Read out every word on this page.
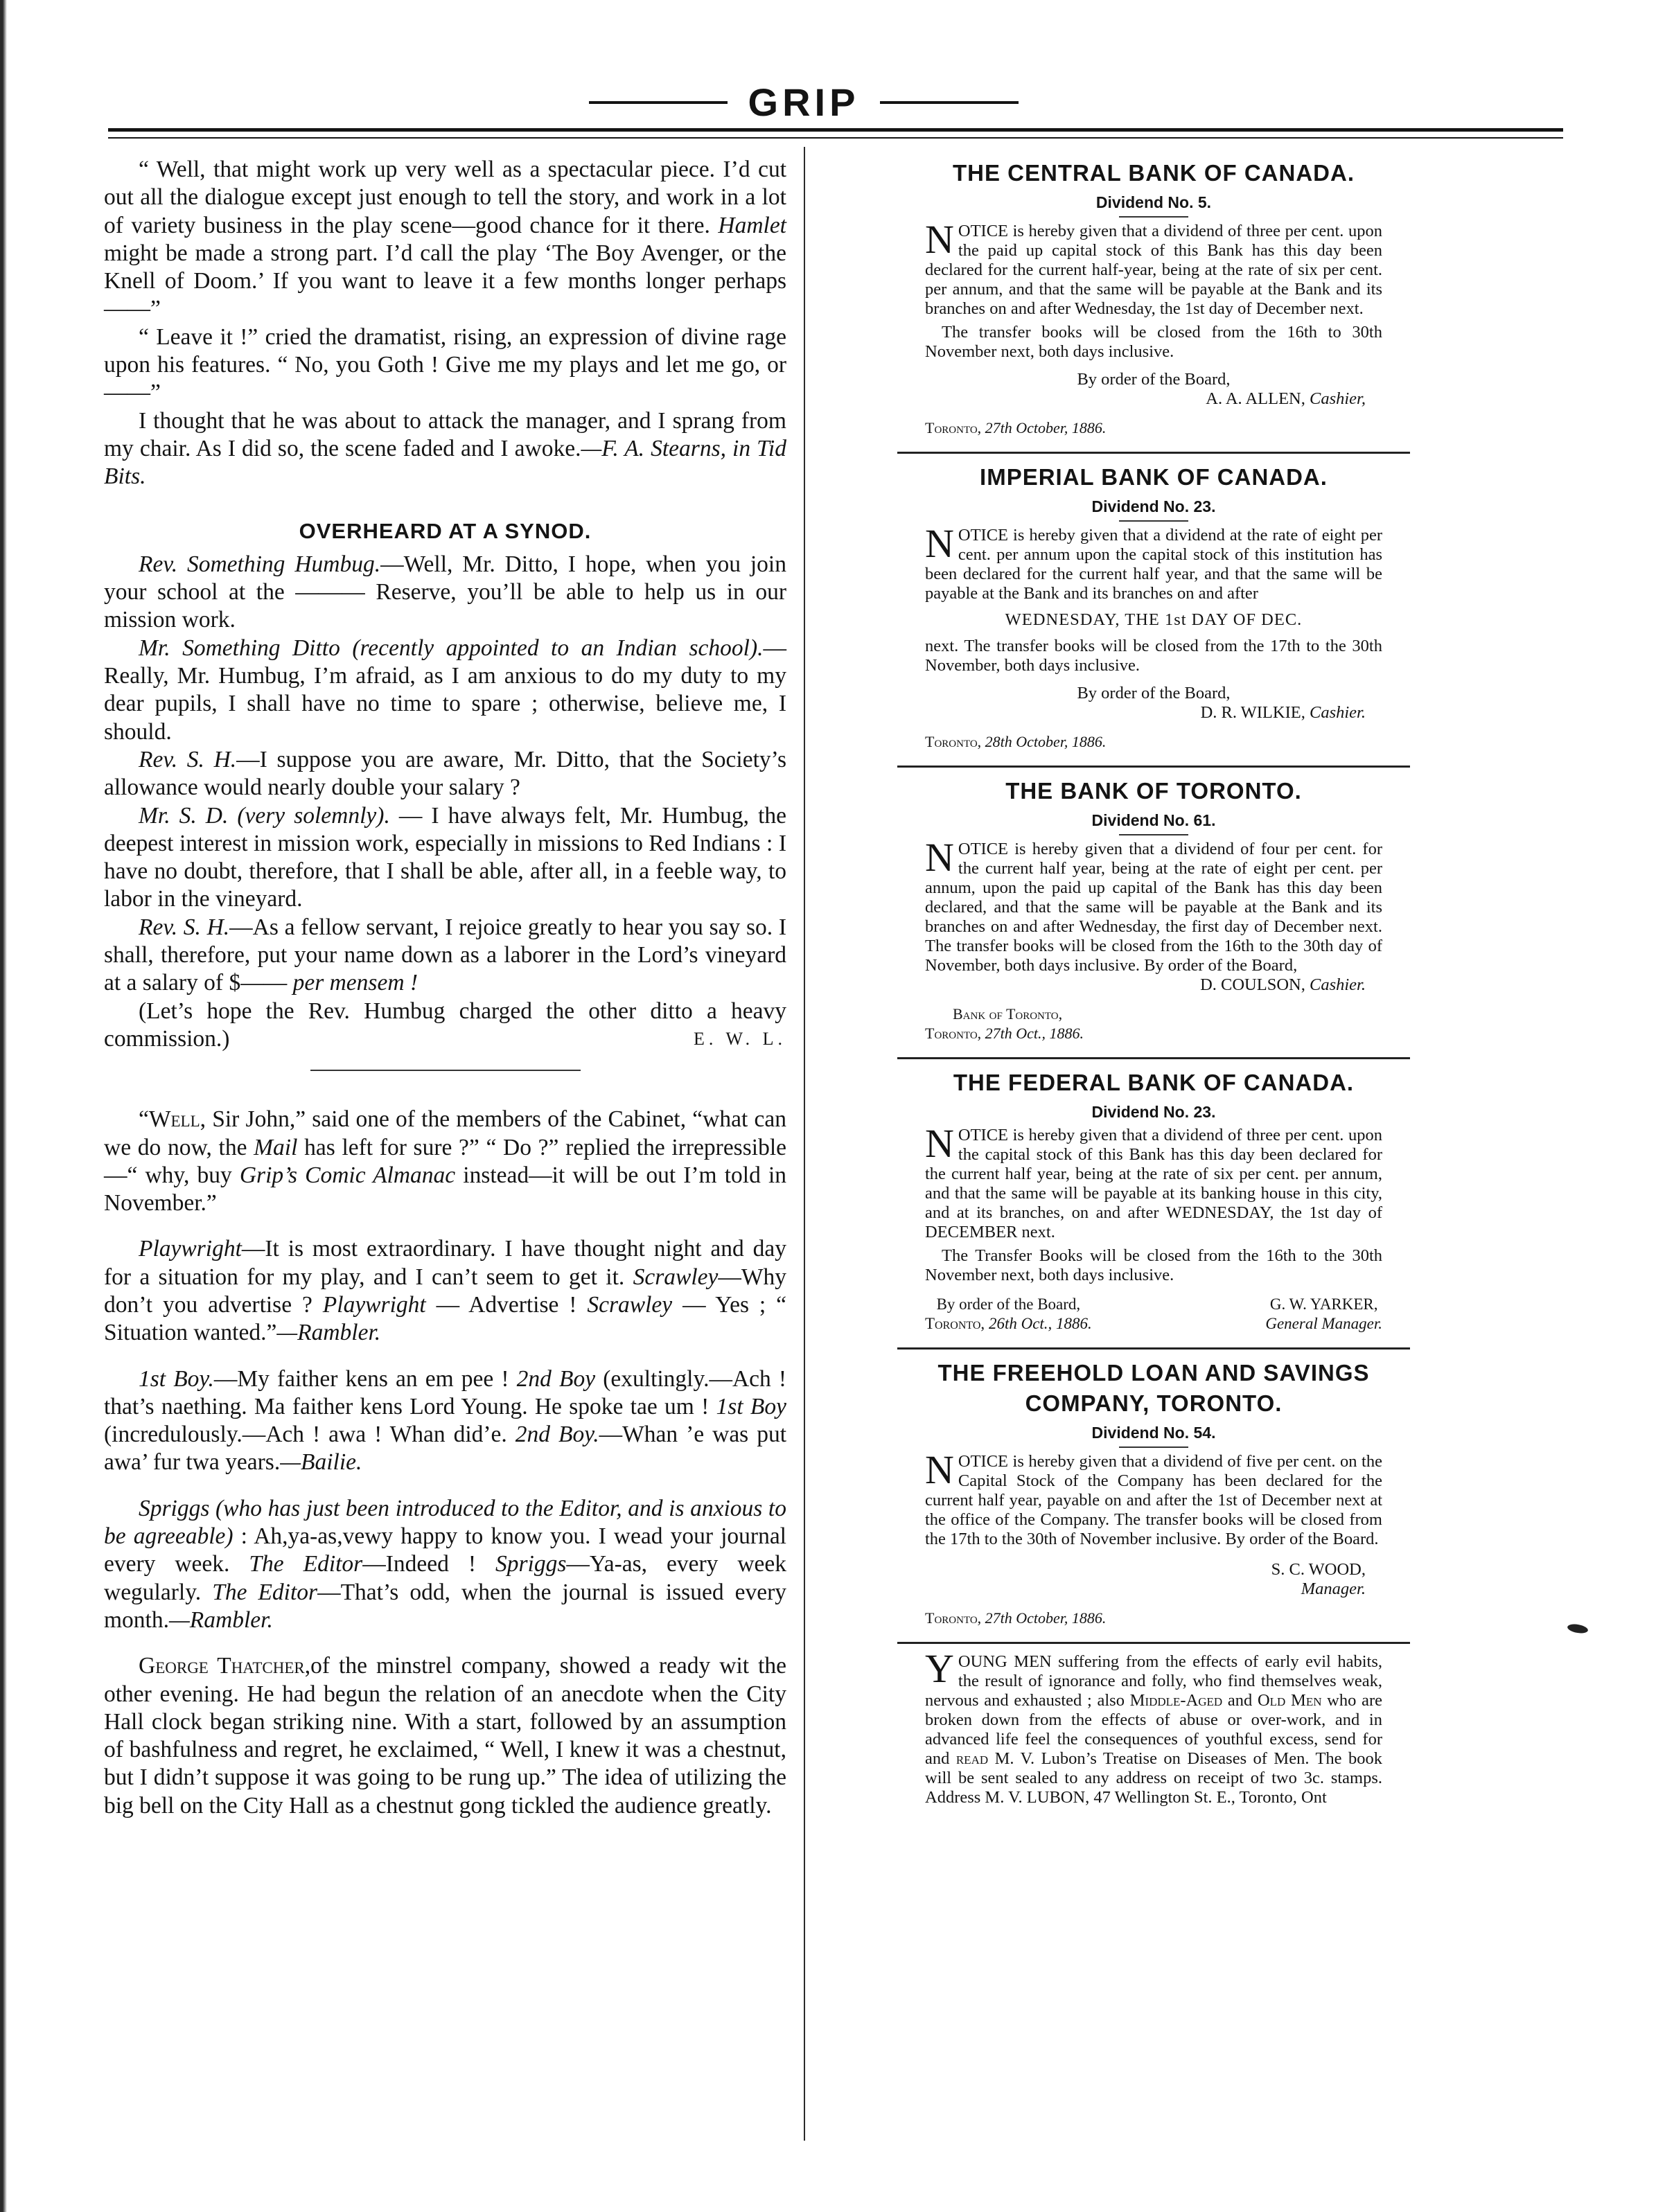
GRIP

“ Well, that might work up very well as a spectacular piece. I’d cut out all the dialogue except just enough to tell the story, and work in a lot of variety business in the play scene—good chance for it there. Hamlet might be made a strong part. I’d call the play ‘The Boy Avenger, or the Knell of Doom.’ If you want to leave it a few months longer perhaps——”

“ Leave it !” cried the dramatist, rising, an expression of divine rage upon his features. “ No, you Goth ! Give me my plays and let me go, or——”

I thought that he was about to attack the manager, and I sprang from my chair. As I did so, the scene faded and I awoke.—F. A. Stearns, in Tid Bits.

OVERHEARD AT A SYNOD.

Rev. Something Humbug.—Well, Mr. Ditto, I hope, when you join your school at the ——— Reserve, you’ll be able to help us in our mission work.

Mr. Something Ditto (recently appointed to an Indian school).—Really, Mr. Humbug, I’m afraid, as I am anxious to do my duty to my dear pupils, I shall have no time to spare ; otherwise, believe me, I should.

Rev. S. H.—I suppose you are aware, Mr. Ditto, that the Society’s allowance would nearly double your salary ?

Mr. S. D. (very solemnly). — I have always felt, Mr. Humbug, the deepest interest in mission work, especially in missions to Red Indians : I have no doubt, therefore, that I shall be able, after all, in a feeble way, to labor in the vineyard.

Rev. S. H.—As a fellow servant, I rejoice greatly to hear you say so. I shall, therefore, put your name down as a laborer in the Lord’s vineyard at a salary of $—— per mensem !

(Let’s hope the Rev. Humbug charged the other ditto a heavy commission.)	E. W. L.

“Well, Sir John,” said one of the members of the Cabinet, “what can we do now, the Mail has left for sure ?” “ Do ?” replied the irrepressible—“ why, buy Grip’s Comic Almanac instead—it will be out I’m told in November.”

Playwright—It is most extraordinary. I have thought night and day for a situation for my play, and I can’t seem to get it. Scrawley—Why don’t you advertise ? Playwright — Advertise ! Scrawley — Yes ; “ Situation wanted.”—Rambler.

1st Boy.—My faither kens an em pee ! 2nd Boy (exultingly.—Ach ! that’s naething. Ma faither kens Lord Young. He spoke tae um ! 1st Boy (incredulously.—Ach ! awa ! Whan did’e. 2nd Boy.—Whan ’e was put awa’ fur twa years.—Bailie.

Spriggs (who has just been introduced to the Editor, and is anxious to be agreeable) : Ah,ya-as,vewy happy to know you. I wead your journal every week. The Editor—Indeed ! Spriggs—Ya-as, every week wegularly. The Editor—That’s odd, when the journal is issued every month.—Rambler.

George Thatcher,of the minstrel company, showed a ready wit the other evening. He had begun the relation of an anecdote when the City Hall clock began striking nine. With a start, followed by an assumption of bashfulness and regret, he exclaimed, “ Well, I knew it was a chestnut, but I didn’t suppose it was going to be rung up.” The idea of utilizing the big bell on the City Hall as a chestnut gong tickled the audience greatly.

THE CENTRAL BANK OF CANADA.
Dividend No. 5.
NOTICE is hereby given that a dividend of three per cent. upon the paid up capital stock of this Bank has this day been declared for the current half-year, being at the rate of six per cent. per annum, and that the same will be payable at the Bank and its branches on and after Wednesday, the 1st day of December next.
The transfer books will be closed from the 16th to 30th November next, both days inclusive.
By order of the Board,
A. A. ALLEN, Cashier,
Toronto, 27th October, 1886.
IMPERIAL BANK OF CANADA.
Dividend No. 23.
NOTICE is hereby given that a dividend at the rate of eight per cent. per annum upon the capital stock of this institution has been declared for the current half year, and that the same will be payable at the Bank and its branches on and after
WEDNESDAY, THE 1st DAY OF DEC.
next. The transfer books will be closed from the 17th to the 30th November, both days inclusive.
By order of the Board,
D. R. WILKIE, Cashier.
Toronto, 28th October, 1886.
THE BANK OF TORONTO.
Dividend No. 61.
NOTICE is hereby given that a dividend of four per cent. for the current half year, being at the rate of eight per cent. per annum, upon the paid up capital of the Bank has this day been declared, and that the same will be payable at the Bank and its branches on and after Wednesday, the first day of December next. The transfer books will be closed from the 16th to the 30th day of November, both days inclusive. By order of the Board,
D. COULSON, Cashier.
Bank of Toronto,
Toronto, 27th Oct., 1886.
THE FEDERAL BANK OF CANADA.
Dividend No. 23.
NOTICE is hereby given that a dividend of three per cent. upon the capital stock of this Bank has this day been declared for the current half year, being at the rate of six per cent. per annum, and that the same will be payable at its banking house in this city, and at its branches, on and after WEDNESDAY, the 1st day of DECEMBER next.
The Transfer Books will be closed from the 16th to the 30th November next, both days inclusive.
By order of the Board,
Toronto, 26th Oct., 1886.
G. W. YARKER,
General Manager.
THE FREEHOLD LOAN AND SAVINGS
COMPANY, TORONTO.
Dividend No. 54.
NOTICE is hereby given that a dividend of five per cent. on the Capital Stock of the Company has been declared for the current half year, payable on and after the 1st of December next at the office of the Company. The transfer books will be closed from the 17th to the 30th of November inclusive. By order of the Board.
S. C. WOOD,
Manager.
Toronto, 27th October, 1886.
YOUNG MEN suffering from the effects of early evil habits, the result of ignorance and folly, who find themselves weak, nervous and exhausted ; also Middle-Aged and Old Men who are broken down from the effects of abuse or over-work, and in advanced life feel the consequences of youthful excess, send for and read M. V. Lubon’s Treatise on Diseases of Men. The book will be sent sealed to any address on receipt of two 3c. stamps. Address M. V. LUBON, 47 Wellington St. E., Toronto, Ont
